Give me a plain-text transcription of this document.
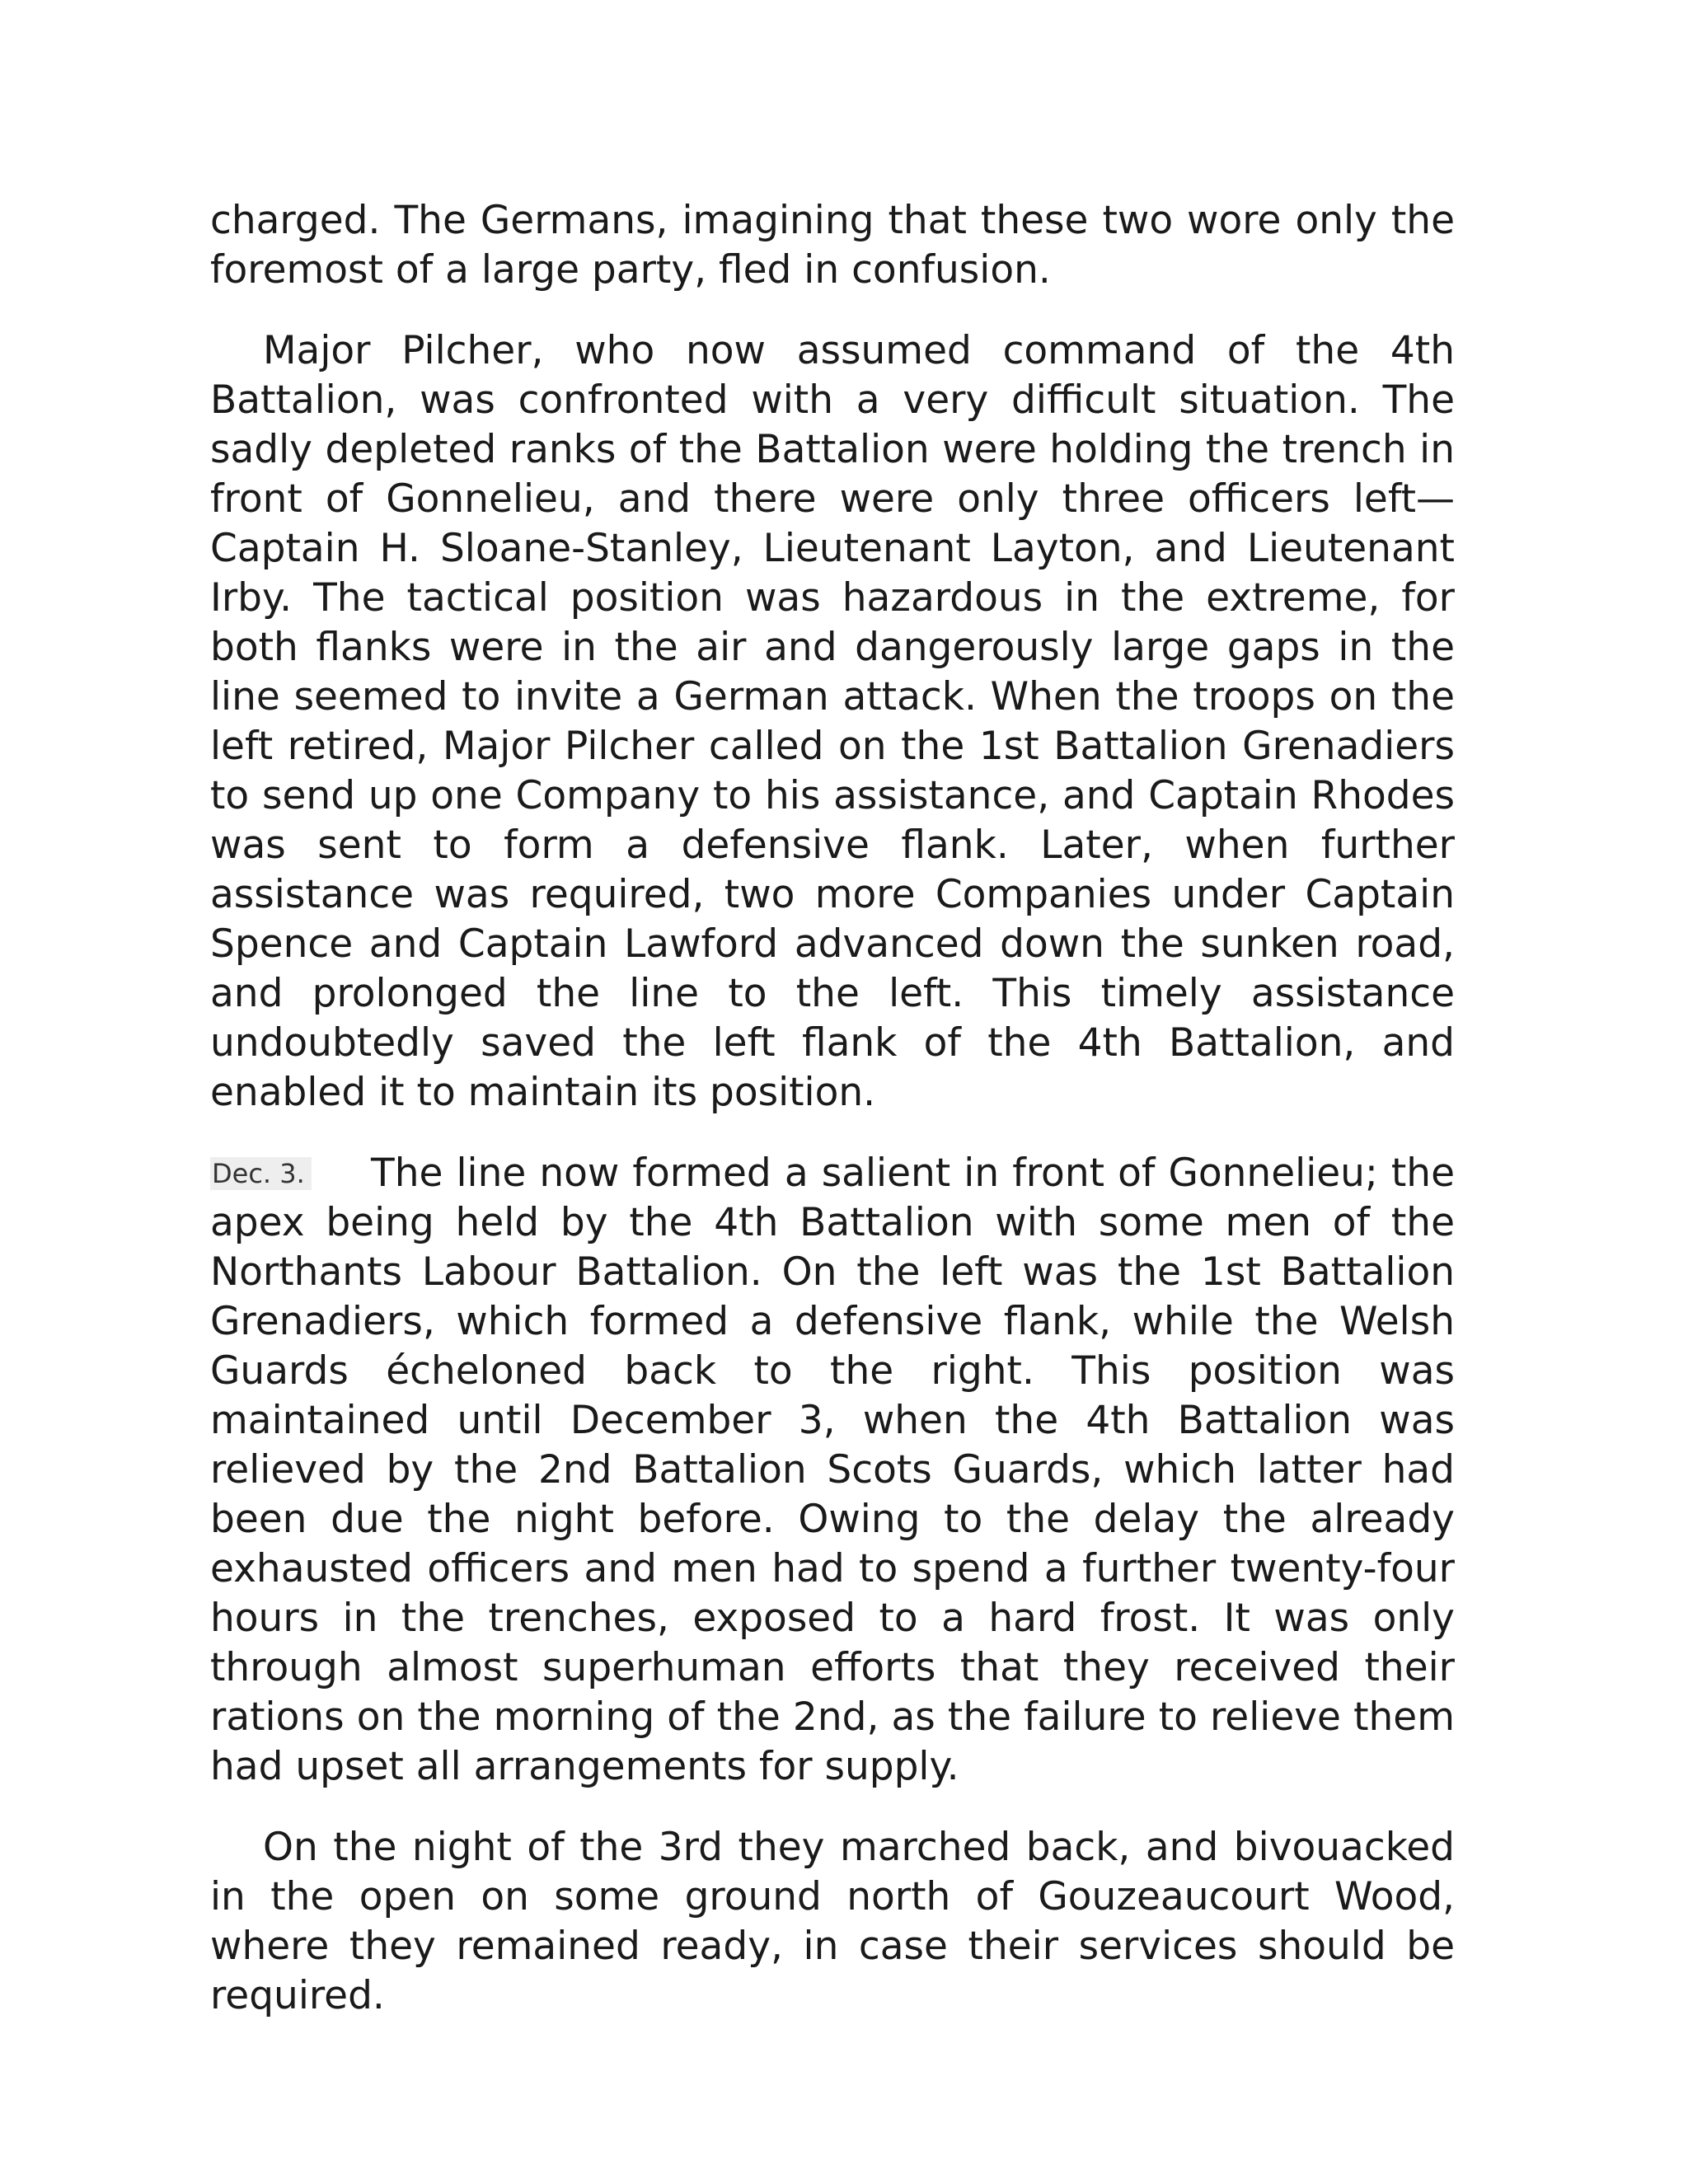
charged. The Germans, imagining that these two wore only the foremost of a large party, fled in confusion.

Major Pilcher, who now assumed command of the 4th Battalion, was confronted with a very difficult situation. The sadly depleted ranks of the Battalion were holding the trench in front of Gonnelieu, and there were only three officers left—Captain H. Sloane-Stanley, Lieutenant Layton, and Lieutenant Irby. The tactical position was hazardous in the extreme, for both flanks were in the air and dangerously large gaps in the line seemed to invite a German attack. When the troops on the left retired, Major Pilcher called on the 1st Battalion Grenadiers to send up one Company to his assistance, and Captain Rhodes was sent to form a defensive flank. Later, when further assistance was required, two more Companies under Captain Spence and Captain Lawford advanced down the sunken road, and prolonged the line to the left. This timely assistance undoubtedly saved the left flank of the 4th Battalion, and enabled it to maintain its position.

Dec. 3. The line now formed a salient in front of Gonnelieu; the apex being held by the 4th Battalion with some men of the Northants Labour Battalion. On the left was the 1st Battalion Grenadiers, which formed a defensive flank, while the Welsh Guards écheloned back to the right. This position was maintained until December 3, when the 4th Battalion was relieved by the 2nd Battalion Scots Guards, which latter had been due the night before. Owing to the delay the already exhausted officers and men had to spend a further twenty-four hours in the trenches, exposed to a hard frost. It was only through almost superhuman efforts that they received their rations on the morning of the 2nd, as the failure to relieve them had upset all arrangements for supply.

On the night of the 3rd they marched back, and bivouacked in the open on some ground north of Gouzeaucourt Wood, where they remained ready, in case their services should be required.
